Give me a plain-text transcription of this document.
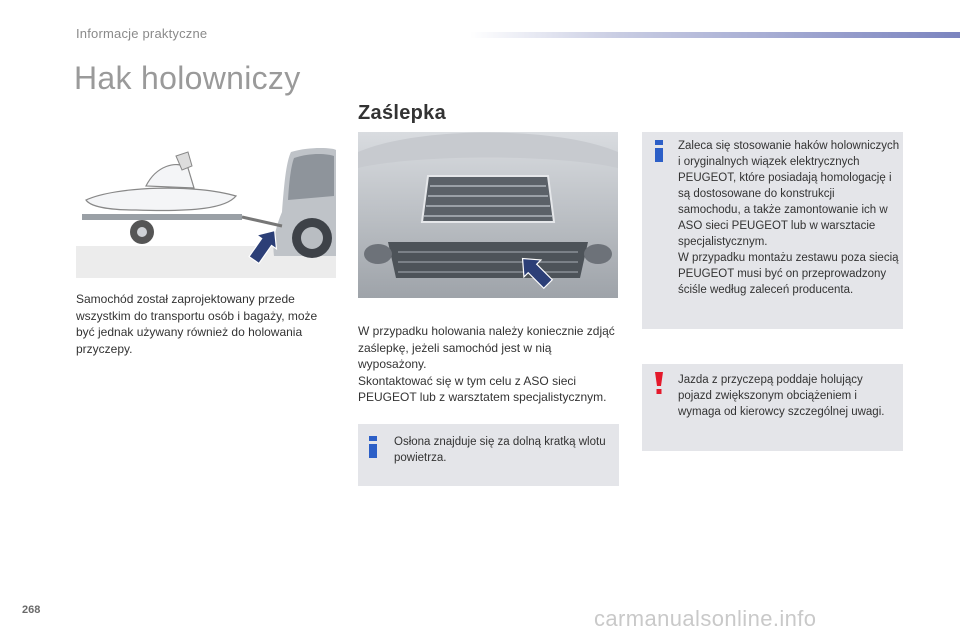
Informacje praktyczne
Hak holowniczy
Samochód został zaprojektowany przede wszystkim do transportu osób i bagaży, może być jednak używany również do holowania przyczepy.
Zaślepka
W przypadku holowania należy koniecznie zdjąć zaślepkę, jeżeli samochód jest w nią wyposażony.
Skontaktować się w tym celu z ASO sieci PEUGEOT lub z warsztatem specjalistycznym.
Osłona znajduje się za dolną kratką wlotu powietrza.
Zaleca się stosowanie haków holowniczych i oryginalnych wiązek elektrycznych PEUGEOT, które posiadają homologację i są dostosowane do konstrukcji samochodu, a także zamontowanie ich w ASO sieci PEUGEOT lub w warsztacie specjalistycznym.
W przypadku montażu zestawu poza siecią PEUGEOT musi być on przeprowadzony ściśle według zaleceń producenta.
Jazda z przyczepą poddaje holujący pojazd zwiększonym obciążeniem i wymaga od kierowcy szczególnej uwagi.
268	carmanualsonline.info
